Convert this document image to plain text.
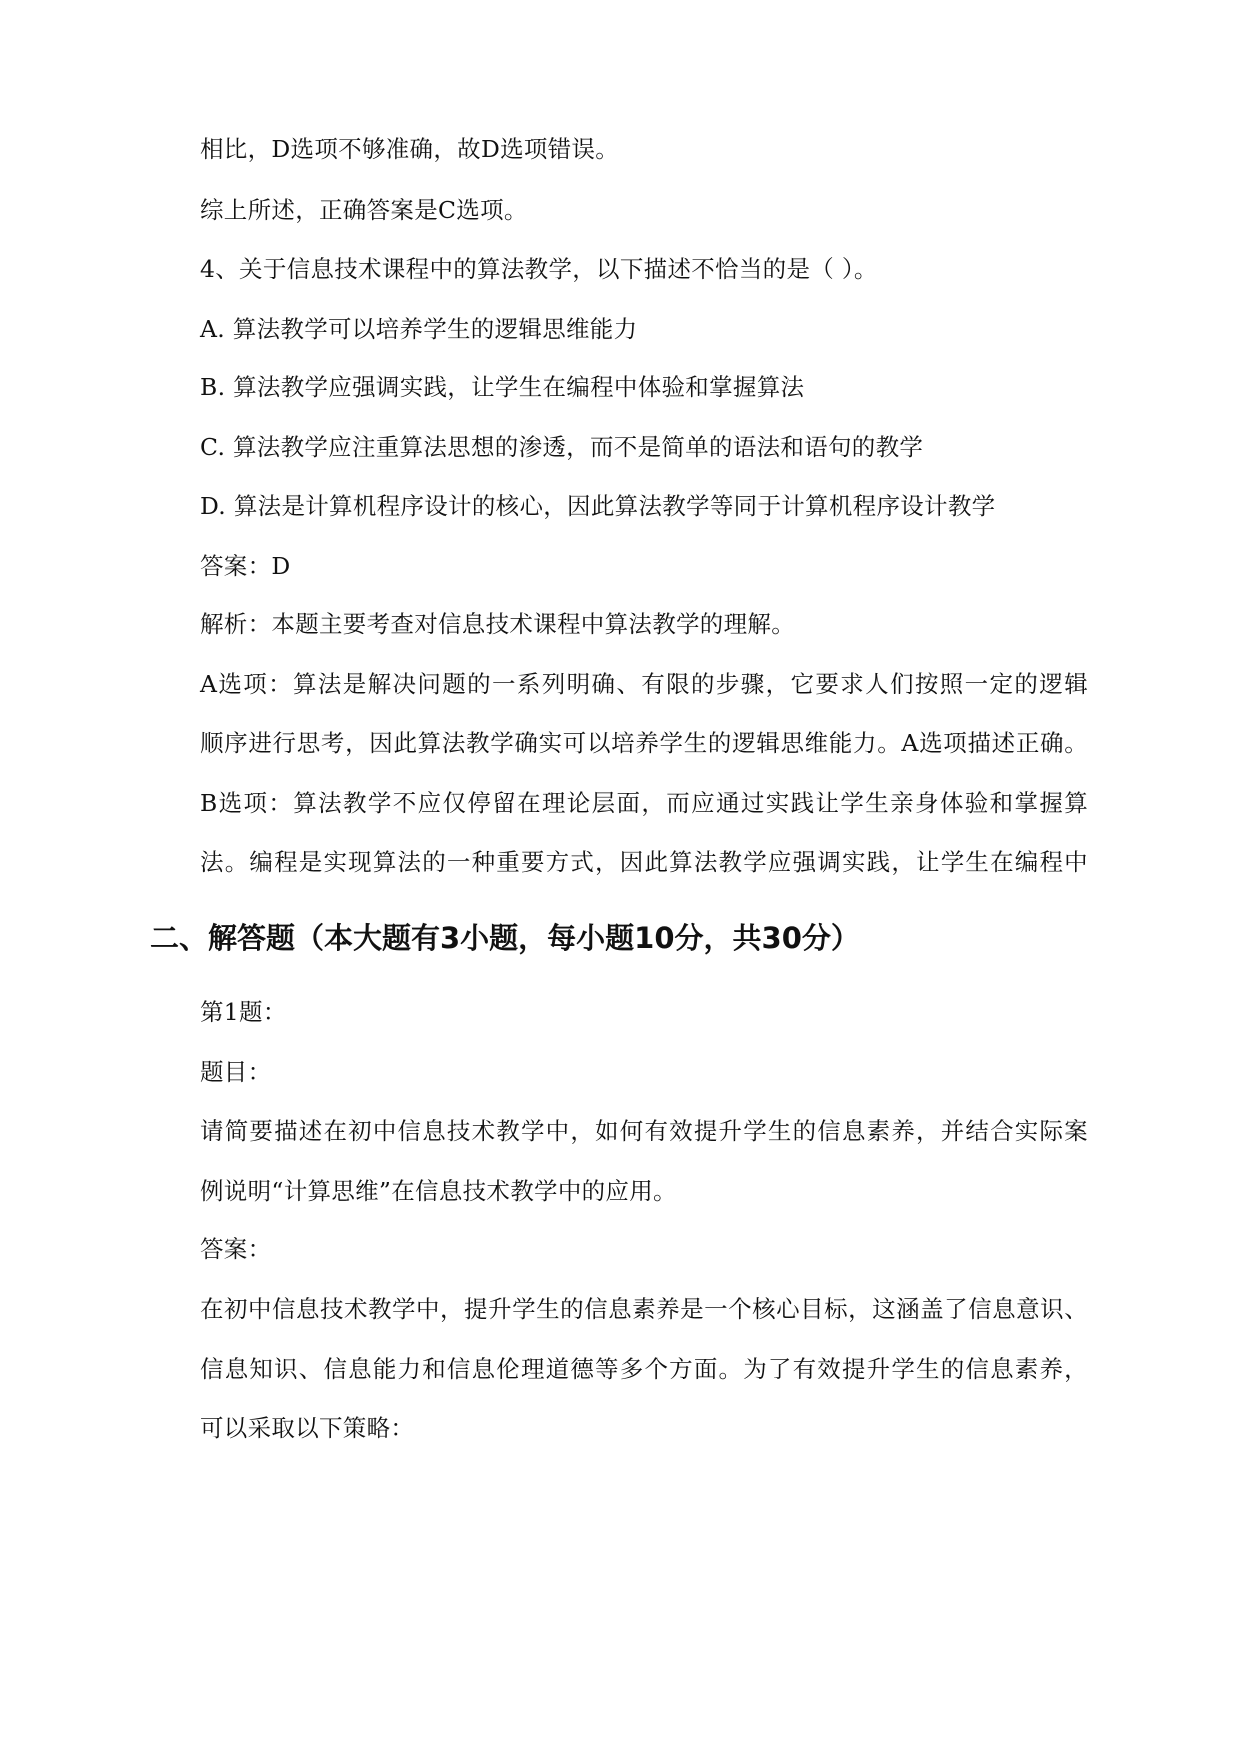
相比，D选项不够准确，故D选项错误。
综上所述，正确答案是C选项。
4、关于信息技术课程中的算法教学，以下描述不恰当的是（ ）。
A. 算法教学可以培养学生的逻辑思维能力
B. 算法教学应强调实践，让学生在编程中体验和掌握算法
C. 算法教学应注重算法思想的渗透，而不是简单的语法和语句的教学
D. 算法是计算机程序设计的核心，因此算法教学等同于计算机程序设计教学
答案：D
解析：本题主要考查对信息技术课程中算法教学的理解。
A选项：算法是解决问题的一系列明确、有限的步骤，它要求人们按照一定的逻辑
顺序进行思考，因此算法教学确实可以培养学生的逻辑思维能力。A选项描述正确。
B选项：算法教学不应仅停留在理论层面，而应通过实践让学生亲身体验和掌握算
法。编程是实现算法的一种重要方式，因此算法教学应强调实践，让学生在编程中
二、解答题（本大题有3小题，每小题10分，共30分）
第1题：
题目：
请简要描述在初中信息技术教学中，如何有效提升学生的信息素养，并结合实际案
例说明“计算思维”在信息技术教学中的应用。
答案：
在初中信息技术教学中，提升学生的信息素养是一个核心目标，这涵盖了信息意识、
信息知识、信息能力和信息伦理道德等多个方面。为了有效提升学生的信息素养，
可以采取以下策略：
